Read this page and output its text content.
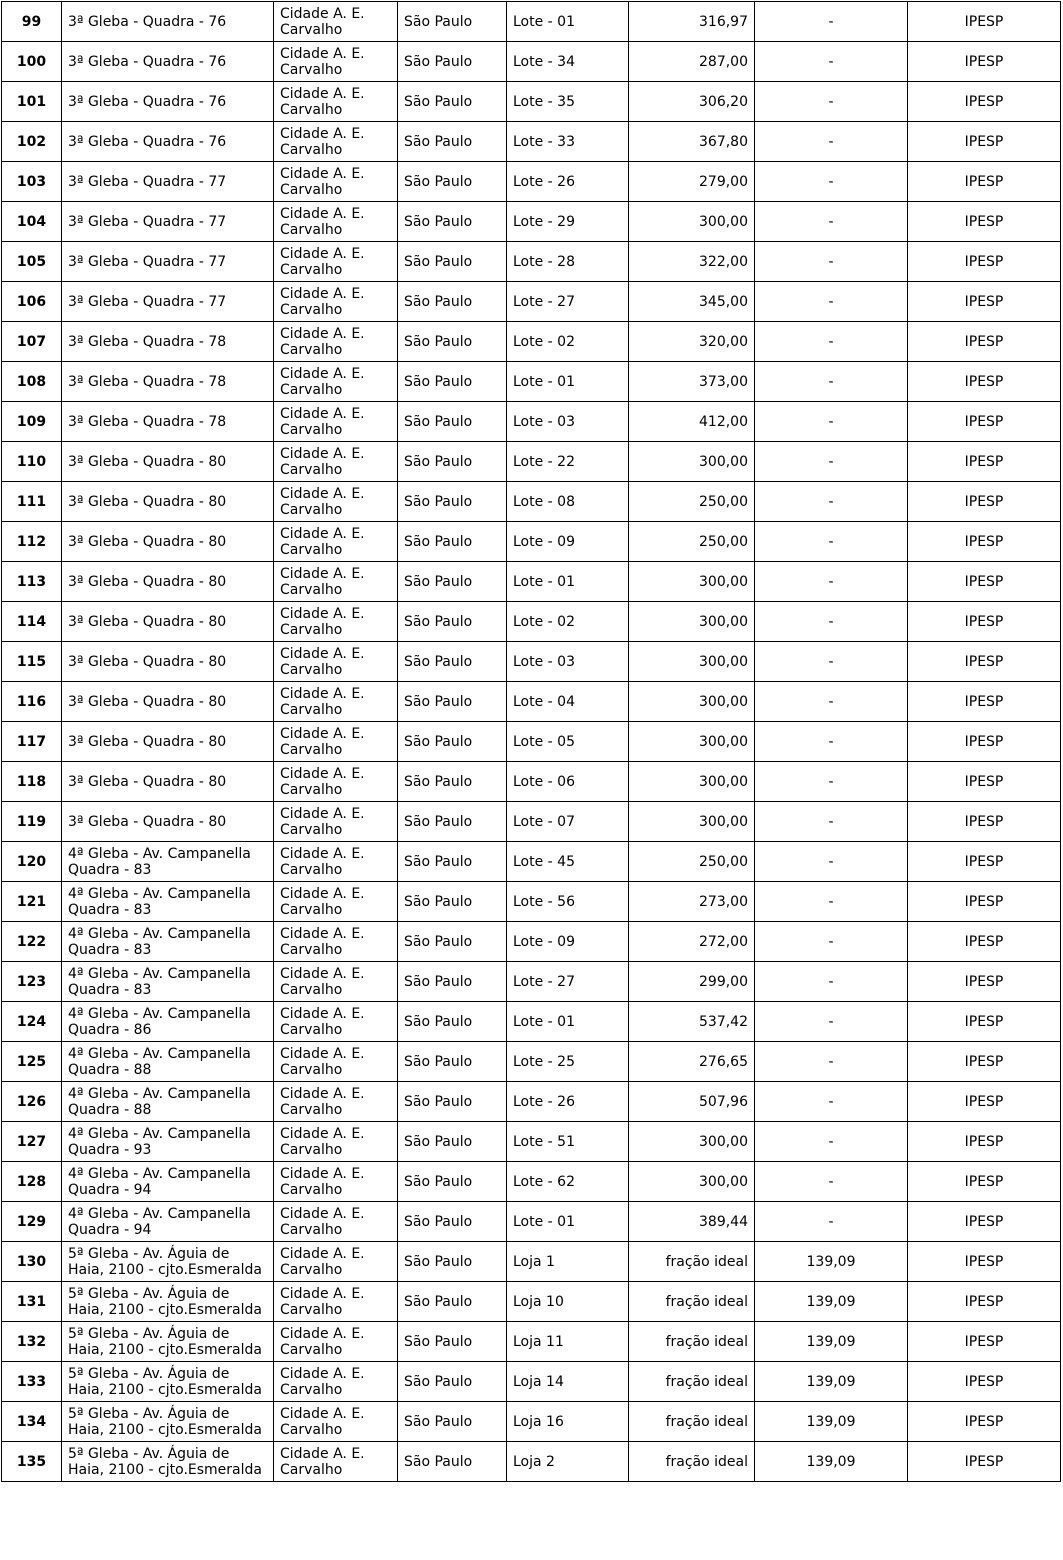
99	3ª Gleba - Quadra - 76	Cidade A. E.
Carvalho	São Paulo	Lote - 01	316,97	-	IPESP
100	3ª Gleba - Quadra - 76	Cidade A. E.
Carvalho	São Paulo	Lote - 34	287,00	-	IPESP
101	3ª Gleba - Quadra - 76	Cidade A. E.
Carvalho	São Paulo	Lote - 35	306,20	-	IPESP
102	3ª Gleba - Quadra - 76	Cidade A. E.
Carvalho	São Paulo	Lote - 33	367,80	-	IPESP
103	3ª Gleba - Quadra - 77	Cidade A. E.
Carvalho	São Paulo	Lote - 26	279,00	-	IPESP
104	3ª Gleba - Quadra - 77	Cidade A. E.
Carvalho	São Paulo	Lote - 29	300,00	-	IPESP
105	3ª Gleba - Quadra - 77	Cidade A. E.
Carvalho	São Paulo	Lote - 28	322,00	-	IPESP
106	3ª Gleba - Quadra - 77	Cidade A. E.
Carvalho	São Paulo	Lote - 27	345,00	-	IPESP
107	3ª Gleba - Quadra - 78	Cidade A. E.
Carvalho	São Paulo	Lote - 02	320,00	-	IPESP
108	3ª Gleba - Quadra - 78	Cidade A. E.
Carvalho	São Paulo	Lote - 01	373,00	-	IPESP
109	3ª Gleba - Quadra - 78	Cidade A. E.
Carvalho	São Paulo	Lote - 03	412,00	-	IPESP
110	3ª Gleba - Quadra - 80	Cidade A. E.
Carvalho	São Paulo	Lote - 22	300,00	-	IPESP
111	3ª Gleba - Quadra - 80	Cidade A. E.
Carvalho	São Paulo	Lote - 08	250,00	-	IPESP
112	3ª Gleba - Quadra - 80	Cidade A. E.
Carvalho	São Paulo	Lote - 09	250,00	-	IPESP
113	3ª Gleba - Quadra - 80	Cidade A. E.
Carvalho	São Paulo	Lote - 01	300,00	-	IPESP
114	3ª Gleba - Quadra - 80	Cidade A. E.
Carvalho	São Paulo	Lote - 02	300,00	-	IPESP
115	3ª Gleba - Quadra - 80	Cidade A. E.
Carvalho	São Paulo	Lote - 03	300,00	-	IPESP
116	3ª Gleba - Quadra - 80	Cidade A. E.
Carvalho	São Paulo	Lote - 04	300,00	-	IPESP
117	3ª Gleba - Quadra - 80	Cidade A. E.
Carvalho	São Paulo	Lote - 05	300,00	-	IPESP
118	3ª Gleba - Quadra - 80	Cidade A. E.
Carvalho	São Paulo	Lote - 06	300,00	-	IPESP
119	3ª Gleba - Quadra - 80	Cidade A. E.
Carvalho	São Paulo	Lote - 07	300,00	-	IPESP
120	4ª Gleba - Av. Campanella
Quadra - 83	Cidade A. E.
Carvalho	São Paulo	Lote - 45	250,00	-	IPESP
121	4ª Gleba - Av. Campanella
Quadra - 83	Cidade A. E.
Carvalho	São Paulo	Lote - 56	273,00	-	IPESP
122	4ª Gleba - Av. Campanella
Quadra - 83	Cidade A. E.
Carvalho	São Paulo	Lote - 09	272,00	-	IPESP
123	4ª Gleba - Av. Campanella
Quadra - 83	Cidade A. E.
Carvalho	São Paulo	Lote - 27	299,00	-	IPESP
124	4ª Gleba - Av. Campanella
Quadra - 86	Cidade A. E.
Carvalho	São Paulo	Lote - 01	537,42	-	IPESP
125	4ª Gleba - Av. Campanella
Quadra - 88	Cidade A. E.
Carvalho	São Paulo	Lote - 25	276,65	-	IPESP
126	4ª Gleba - Av. Campanella
Quadra - 88	Cidade A. E.
Carvalho	São Paulo	Lote - 26	507,96	-	IPESP
127	4ª Gleba - Av. Campanella
Quadra - 93	Cidade A. E.
Carvalho	São Paulo	Lote - 51	300,00	-	IPESP
128	4ª Gleba - Av. Campanella
Quadra - 94	Cidade A. E.
Carvalho	São Paulo	Lote - 62	300,00	-	IPESP
129	4ª Gleba - Av. Campanella
Quadra - 94	Cidade A. E.
Carvalho	São Paulo	Lote - 01	389,44	-	IPESP
130	5ª Gleba - Av. Águia de
Haia, 2100 - cjto.Esmeralda	Cidade A. E.
Carvalho	São Paulo	Loja 1	fração ideal	139,09	IPESP
131	5ª Gleba - Av. Águia de
Haia, 2100 - cjto.Esmeralda	Cidade A. E.
Carvalho	São Paulo	Loja 10	fração ideal	139,09	IPESP
132	5ª Gleba - Av. Águia de
Haia, 2100 - cjto.Esmeralda	Cidade A. E.
Carvalho	São Paulo	Loja 11	fração ideal	139,09	IPESP
133	5ª Gleba - Av. Águia de
Haia, 2100 - cjto.Esmeralda	Cidade A. E.
Carvalho	São Paulo	Loja 14	fração ideal	139,09	IPESP
134	5ª Gleba - Av. Águia de
Haia, 2100 - cjto.Esmeralda	Cidade A. E.
Carvalho	São Paulo	Loja 16	fração ideal	139,09	IPESP
135	5ª Gleba - Av. Águia de
Haia, 2100 - cjto.Esmeralda	Cidade A. E.
Carvalho	São Paulo	Loja 2	fração ideal	139,09	IPESP
